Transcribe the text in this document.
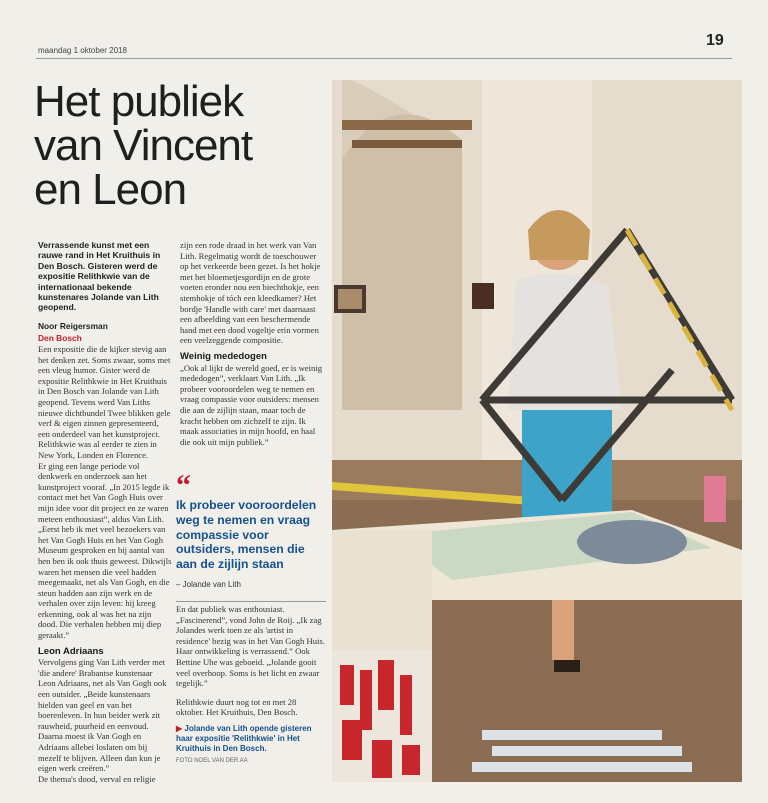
maandag 1 oktober 2018
19
Het publiek
van Vincent
en Leon

Verrassende kunst met een rauwe rand in Het Kruithuis in Den Bosch. Gisteren werd de expositie Relithkwie van de internationaal bekende kunstenares Jolande van Lith geopend.

Noor Reigersman

Den Bosch

Een expositie die de kijker stevig aan het denken zet. Soms zwaar, soms met een vleug humor. Gister werd de expositie Relithkwie in Het Kruithuis in Den Bosch van Jolande van Lith geopend. Tevens werd Van Liths nieuwe dichtbundel Twee blikken gele verf & eigen zinnen gepresenteerd, een onderdeel van het kunstproject. Relithkwie was al eerder te zien in New York, Londen en Florence.

Er ging een lange periode vol denkwerk en onderzoek aan het kunstproject vooraf. „In 2015 legde ik contact met het Van Gogh Huis over mijn idee voor dit project en ze waren meteen enthousiast”, aldus Van Lith. „Eerst heb ik met veel bezoekers van het Van Gogh Huis en het Van Gogh Museum gesproken en bij aantal van hen ben ik ook thuis geweest. Dikwijls waren het mensen die veel hadden meegemaakt, net als Van Gogh, en die steun hadden aan zijn werk en de verhalen over zijn leven: hij kreeg erkenning, ook al was het na zijn dood. Die verhalen hebben mij diep geraakt.”

Leon Adriaans

Vervolgens ging Van Lith verder met 'die andere' Brabantse kunstenaar Leon Adriaans, net als Van Gogh ook een outsider. „Beide kunstenaars hielden van geel en van het boerenleven. In hun beider werk zit rauwheid, puurheid en eenvoud. Daarna moest ik Van Gogh en Adriaans allebei loslaten om bij mezelf te blijven. Alleen dan kun je eigen werk creëren.”

De thema's dood, verval en religie

zijn een rode draad in het werk van Van Lith. Regelmatig wordt de toeschouwer op het verkeerde been gezet. Is het hokje met het bloemetjesgordijn en de grote voeten eronder nou een biechthokje, een stemhokje of tóch een kleedkamer? Het bordje 'Handle with care' met daarnaast een afbeelding van een beschermende hand met een dood vogeltje erin vormen een veelzeggende compositie.

Weinig mededogen

„Ook al lijkt de wereld goed, er is weinig mededogen”, verklaart Van Lith. „Ik probeer vooroordelen weg te nemen en vraag compassie voor outsiders: mensen die aan de zijlijn staan, maar toch de kracht hebben om zichzelf te zijn. Ik maak associaties in mijn hoofd, en haal die ook uit mijn publiek.”

“
Ik probeer vooroordelen weg te nemen en vraag compassie voor outsiders, mensen die aan de zijlijn staan
– Jolande van Lith

En dat publiek was enthousiast. „Fascinerend”, vond John de Roij. „Ik zag Jolandes werk toen ze als 'artist in residence' bezig was in het Van Gogh Huis. Haar ontwikkeling is verrassend.” Ook Bettine Uhe was geboeid. „Jolande gooit veel overhoop. Soms is het licht en zwaar tegelijk.”

Relithkwie duurt nog tot en met 28 oktober. Het Kruithuis, Den Bosch.

▶ Jolande van Lith opende gisteren haar expositie 'Relithkwie' in Het Kruithuis in Den Bosch.
FOTO NOEL VAN DER AA
